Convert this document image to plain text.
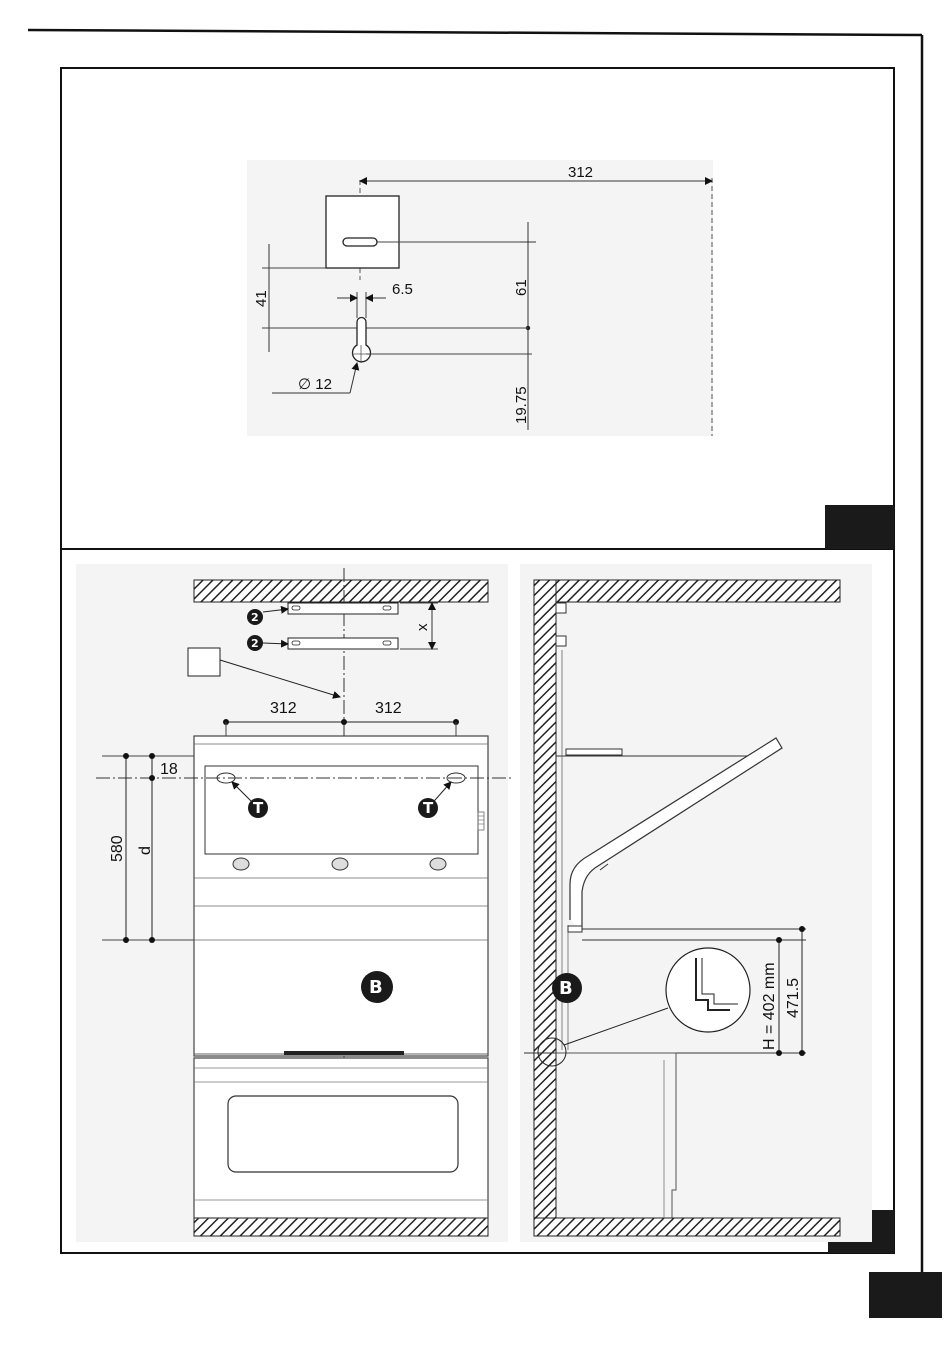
312
41
6.5	61
∅ 12
19.75
2
2
x
312	312
T	T
18
580 d
B	H = 402 mm 471.5
B
